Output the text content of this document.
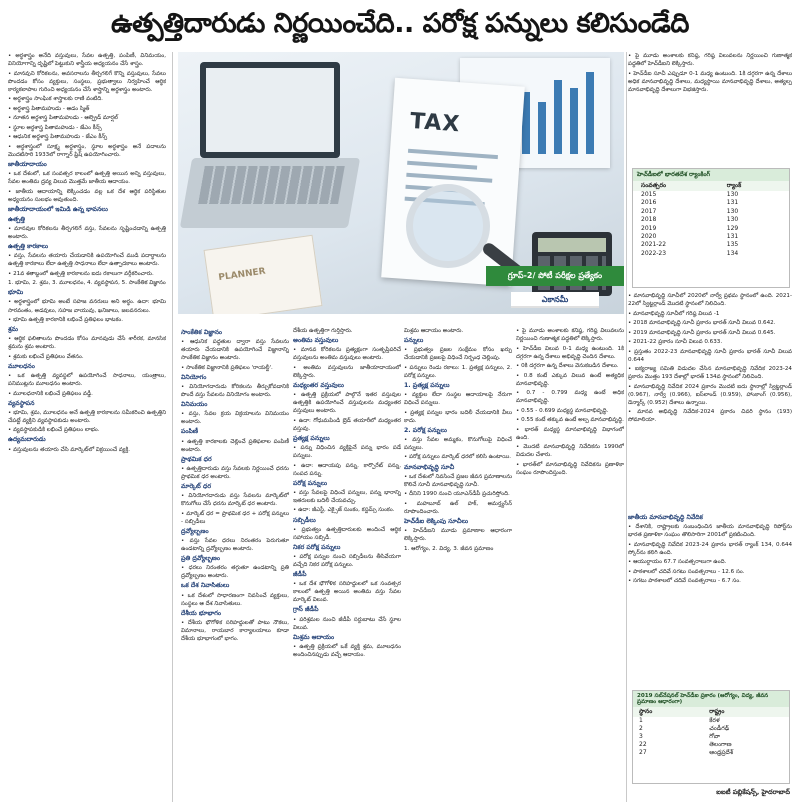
ఉత్పత్తిదారుడు నిర్ణయించేది.. పరోక్ష పన్నులు కలిసుండేది

• అర్థశాస్త్రం అనేది వస్తువులు, సేవల ఉత్పత్తి, పంపిణీ, వినిమయం, వినియోగాన్ని దృష్టిలో పెట్టుకుని శాస్త్రీయ అధ్యయనం చేసే శాస్త్రం.

• మానవుని కోరికలను, అవసరాలను తీర్చగలిగే కొన్ని వస్తువులు, సేవలు పొందడం కోసం వ్యక్తులు, సంస్థలు, ప్రభుత్వాలు నిర్వహించే ఆర్థిక కార్యకలాపాల గురించి అధ్యయనం చేసే శాస్త్రాన్ని అర్థశాస్త్రం అంటారు.

• అర్థశాస్త్రం సాంఘిక శాస్త్రాలకు రాణి వంటిది.

• అర్థశాస్త్ర పితామహుడు - ఆడం స్మిత్

• నూతన అర్థశాస్త్ర పితామహుడు - ఆల్ఫ్రెడ్ మార్షల్

• స్థూల అర్థశాస్త్ర పితామహుడు - జేఎం కీన్స్

• ఆధునిక అర్థశాస్త్ర పితామహుడు - జేఎం కీన్స్

• అర్థశాస్త్రంలో సూక్ష్మ అర్థశాస్త్రం, స్థూల అర్థశాస్త్రం అనే పదాలను మొదటిసారి 1933లో రాగ్నార్ ఫ్రిష్ ఉపయోగించారు.

జాతీయాదాయం

• ఒక దేశంలో, ఒక సంవత్సర కాలంలో ఉత్పత్తి అయిన అన్ని వస్తువులు, సేవల అంతిమ ద్రవ్య విలువ మొత్తమే జాతీయ ఆదాయం.

• జాతీయ ఆదాయాన్ని లెక్కించడం వల్ల ఒక దేశ ఆర్థిక పరిస్థితుల అధ్యయనం సులభం అవుతుంది.

జాతీయాదాయంలో ఇమిడి ఉన్న భావనలు
ఉత్పత్తి

• మానవుల కోరికలను తీర్చగలిగే వస్తు, సేవలను సృష్టించడాన్ని ఉత్పత్తి అంటారు.

ఉత్పత్తి కారకాలు

• వస్తు, సేవలను తయారు చేయడానికి ఉపయోగించే ముడి పదార్థాలను ఉత్పత్తి కారకాలు లేదా ఉత్పత్తి సాధనాలు లేదా ఉత్పాదకాలు అంటారు.

• 21వ శతాబ్దంలో ఉత్పత్తి కారకాలను ఐదు రకాలుగా వర్గీకరించారు.

1. భూమి, 2. శ్రమ, 3. మూలధనం, 4. వ్యవస్థాపన, 5. సాంకేతిక విజ్ఞానం

భూమి

• అర్థశాస్త్రంలో భూమి అంటే సహజ వనరులు అని అర్థం. ఉదా: భూమి సారవంతం, అడవులు, సహజ వాయువు, ఖనిజాలు, జలవనరులు.

• భూమి ఉత్పత్తి కారకానికి లభించే ప్రతిఫలం భాటకం.

శ్రమ

• ఆర్థిక ఫలితాలను పొందడం కోసం మానవుడు చేసే శారీరక, మానసిక శ్రమను శ్రమ అంటారు.

• శ్రమకు లభించే ప్రతిఫలం వేతనం.

మూలధనం

• ఒక ఉత్పత్తి వ్యవస్థలో ఉపయోగించే సాధనాలు, యంత్రాలు, పనిముట్లను మూలధనం అంటారు.

• మూలధనానికి లభించే ప్రతిఫలం వడ్డీ.

వ్యవస్థాపన

• భూమి, శ్రమ, మూలధనం అనే ఉత్పత్తి కారకాలను సమీకరించి ఉత్పత్తిని చేపట్టే వ్యక్తిని వ్యవస్థాపకుడు అంటారు.

• వ్యవస్థాపకుడికి లభించే ప్రతిఫలం లాభం.

ఉద్యమదారుడు

• వస్తువులను తయారు చేసి మార్కెట్‌లో విక్రయించే వ్యక్తి.

PLANNER
TAX
గ్రూప్-2/ పోటీ పరీక్షల ప్రత్యేకం
ఎకానమీ
సాంకేతిక విజ్ఞానం

• ఆధునిక పద్ధతుల ద్వారా వస్తు సేవలను తయారు చేయడానికి ఉపయోగించే విజ్ఞానాన్ని సాంకేతిక విజ్ఞానం అంటారు.

• సాంకేతిక విజ్ఞానానికి ప్రతిఫలం 'రాయల్టీ'.

వినియోగం

• వినియోగదారుడు కోరికలను తీర్చుకోవడానికి పొందే వస్తు సేవలను వినియోగం అంటారు.

వినిమయం

• వస్తు, సేవల క్రయ విక్రయాలను వినిమయం అంటారు.

పంపిణీ

• ఉత్పత్తి కారకాలకు చెల్లించే ప్రతిఫలాల పంపిణీ అంటారు.

ప్రాథమిక ధర

• ఉత్పత్తిదారుడు వస్తు సేవలకు నిర్ణయించే ధరను ప్రాథమిక ధర అంటారు.

మార్కెట్ ధర

• వినియోగదారుడు వస్తు సేవలను మార్కెట్‌లో కొనుగోలు చేసే ధరను మార్కెట్ ధర అంటారు.

• మార్కెట్ ధర = ప్రాథమిక ధర + పరోక్ష పన్నులు - సబ్సిడీలు

ద్రవ్యోల్బణం

• వస్తు సేవల ధరలు నిరంతరం పెరుగుతూ ఉండటాన్ని ద్రవ్యోల్బణం అంటారు.

ప్రతి ద్రవ్యోల్బణం

• ధరలు నిరంతరం తగ్గుతూ ఉండటాన్ని ప్రతి ద్రవ్యోల్బణం అంటారు.

ఒక దేశ నివాసితులు

• ఒక దేశంలో సాధారణంగా నివసించే వ్యక్తులు, సంస్థలు ఆ దేశ నివాసితులు.

దేశీయ భూభాగం

• దేశీయ భౌగోళిక సరిహద్దులతో పాటు నౌకలు, విమానాలు, రాయబార కార్యాలయాలు కూడా దేశీయ భూభాగంలో భాగం.

దేశీయ ఉత్పత్తిగా గుర్తిస్తారు.

అంతిమ వస్తువులు

• మానవ కోరికలను ప్రత్యక్షంగా సంతృప్తిపరిచే వస్తువులను అంతిమ వస్తువులు అంటారు.

• అంతిమ వస్తువులను జాతీయాదాయంలో లెక్కిస్తారు.

మధ్యంతర వస్తువులు

• ఉత్పత్తి ప్రక్రియలో పాల్గొనే ఇతర వస్తువుల ఉత్పత్తికి ఉపయోగించే వస్తువులను మధ్యంతర వస్తువులు అంటారు.

• ఉదా: గోధుమపిండి బ్రెడ్ తయారీలో మధ్యంతర వస్తువు.

ప్రత్యక్ష పన్నులు

• పన్ను విధించిన వ్యక్తిపైనే పన్ను భారం పడే పన్నులు.

• ఉదా: ఆదాయపు పన్ను, కార్పొరేట్ పన్ను, సంపద పన్ను.

పరోక్ష పన్నులు

• వస్తు సేవలపై విధించే పన్నులు, పన్ను భారాన్ని ఇతరులకు బదిలీ చేయవచ్చు.

• ఉదా: జీఎస్టీ, ఎక్సైజ్ సుంకం, కస్టమ్స్ సుంకం.

సబ్సిడీలు

• ప్రభుత్వం ఉత్పత్తిదారులకు అందించే ఆర్థిక సహాయం సబ్సిడీ.

నికర పరోక్ష పన్నులు

• పరోక్ష పన్నుల నుంచి సబ్సిడీలను తీసివేయగా వచ్చేది నికర పరోక్ష పన్నులు.

జీడీపీ

• ఒక దేశ భౌగోళిక సరిహద్దులలో ఒక సంవత్సర కాలంలో ఉత్పత్తి అయిన అంతిమ వస్తు సేవల మార్కెట్ విలువ.

గ్రాస్ జీడీపీ

• పరిశ్రమల నుంచి జీడీపీ సర్దుబాటు చేసే స్థూల విలువ.

మిశ్రమ ఆదాయం

• ఉత్పత్తి ప్రక్రియలో ఒకే వ్యక్తి శ్రమ, మూలధనం అందించినప్పుడు వచ్చే ఆదాయం.

మిశ్రమ ఆదాయం అంటారు.

పన్నులు

• ప్రభుత్వం ప్రజల సంక్షేమం కోసం ఖర్చు చేయడానికి ప్రజలపై విధించే నిర్బంధ చెల్లింపు.

• పన్నులు రెండు రకాలు: 1. ప్రత్యక్ష పన్నులు, 2. పరోక్ష పన్నులు.

1. ప్రత్యక్ష పన్నులు

• వ్యక్తుల లేదా సంస్థల ఆదాయాలపై నేరుగా విధించే పన్నులు.

• ప్రత్యక్ష పన్నుల భారం బదిలీ చేయడానికి వీలు కాదు.

2. పరోక్ష పన్నులు

• వస్తు సేవల అమ్మకం, కొనుగోలుపై విధించే పన్నులు.

• పరోక్ష పన్నులు మార్కెట్ ధరలో కలిసి ఉంటాయి.

మానవాభివృద్ధి సూచీ

• ఒక దేశంలో నివసించే ప్రజల జీవన ప్రమాణాలను కొలిచే సూచీ మానవాభివృద్ధి సూచీ.

• దీనిని 1990 నుంచి యూఎన్‌డీపీ ప్రచురిస్తోంది.

• మహబూబ్ ఉల్ హక్, అమర్త్యసేన్ రూపొందించారు.

హెచ్‌డీఐ లెక్కింపు సూచీలు

• హెచ్‌డీఐని మూడు ప్రమాణాల ఆధారంగా లెక్కిస్తారు.

1. ఆరోగ్యం, 2. విద్య, 3. జీవన ప్రమాణం

• పై మూడు అంశాలకు కనిష్ఠ, గరిష్ఠ విలువలను నిర్ణయించి గుణాత్మక పద్ధతిలో లెక్కిస్తారు.

• హెచ్‌డీఐ విలువ 0-1 మధ్య ఉంటుంది. 1కి దగ్గరగా ఉన్న దేశాలు అభివృద్ధి చెందిన దేశాలు.

• 0కి దగ్గరగా ఉన్న దేశాలు వెనుకబడిన దేశాలు.

• 0.8 కంటే ఎక్కువ విలువ ఉంటే అత్యధిక మానవాభివృద్ధి.

• 0.7 - 0.799 మధ్య ఉంటే అధిక మానవాభివృద్ధి.

• 0.55 - 0.699 మధ్యస్థ మానవాభివృద్ధి.

• 0.55 కంటే తక్కువ ఉంటే అల్ప మానవాభివృద్ధి.

• భారత్ మధ్యస్థ మానవాభివృద్ధి విభాగంలో ఉంది.

• మొదటి మానవాభివృద్ధి నివేదికను 1990లో విడుదల చేశారు.

• భారత్‌లో మానవాభివృద్ధి నివేదికను ప్రణాళికా సంఘం రూపొందిస్తుంది.

• పై మూడు అంశాలకు కనిష్ఠ, గరిష్ఠ విలువలను నిర్ణయించి గుణాత్మక పద్ధతిలో హెచ్‌డీఐని లెక్కిస్తారు.

• హెచ్‌డీఐ సూచీ ఎప్పుడూ 0-1 మధ్య ఉంటుంది. 1కి దగ్గరగా ఉన్న దేశాలు అధిక మానవాభివృద్ధి దేశాలు, మధ్యస్థాయి మానవాభివృద్ధి దేశాలు, అత్యల్ప మానవాభివృద్ధి దేశాలుగా విభజిస్తారు.

హెచ్‌డీఐలో భారతదేశ ర్యాంకింగ్
సంవత్సరం	ర్యాంక్
2015	130
2016	131
2017	130
2018	130
2019	129
2020	131
2021-22	135
2022-23	134

• మానవాభివృద్ధి సూచీలో 2020లో నార్వే ప్రథమ స్థానంలో ఉంది. 2021-22లో స్విట్జర్లాండ్ మొదటి స్థానంలో నిలిచింది.

• మానవాభివృద్ధి సూచీలో గరిష్ఠ విలువ -1

• 2018 మానవాభివృద్ధి సూచీ ప్రకారం భారత్ సూచీ విలువ 0.642.

• 2019 మానవాభివృద్ధి సూచీ ప్రకారం భారత్ సూచీ విలువ 0.645.

• 2021-22 ప్రకారం సూచీ విలువ 0.633.

• ప్రస్తుతం 2022-23 మానవాభివృద్ధి సూచీ ప్రకారం భారత్ సూచీ విలువ 0.644

• ఐక్యరాజ్య సమితి విడుదల చేసిన మానవాభివృద్ధి నివేదిక 2023-24 ప్రకారం మొత్తం 193 దేశాల్లో భారత్ 134వ స్థానంలో నిలిచింది.

• మానవాభివృద్ధి నివేదిక 2024 ప్రకారం మొదటి ఐదు స్థానాల్లో స్విట్జర్లాండ్ (0.967), నార్వే (0.966), ఐస్‌లాండ్ (0.959), హాంకాంగ్ (0.956), డెన్మార్క్ (0.952) దేశాలు ఉన్నాయి.

• మానవ అభివృద్ధి నివేదిక-2024 ప్రకారం చివరి స్థానం (193) సోమాలియా.

జాతీయ మానవాభివృద్ధి నివేదిక

• దేశానికి, రాష్ట్రాలకు సంబంధించిన జాతీయ మానవాభివృద్ధి రిపోర్ట్‌ను భారత ప్రణాళికా సంఘం తొలిసారిగా 2001లో ప్రకటించింది.

• మానవాభివృద్ధి నివేదిక 2023-24 ప్రకారం భారత్ ర్యాంక్ 134, 0.644 స్కోర్‌ను కలిగి ఉంది.

• ఆయుర్దాయం 67.7 సంవత్సరాలుగా ఉంది.

• పాఠశాలలో చదివే సగటు సంవత్సరాలు - 12.6 సం.

• సగటు పాఠశాలలో చదివే సంవత్సరాలు - 6.7 సం.

2019 సబ్‌నేషనల్ హెచ్‌డీఐ ప్రకారం (ఆరోగ్యం, విద్య, జీవన ప్రమాణం ఆధారంగా)
స్థానం	రాష్ట్రం
1	కేరళ
2	చండీగఢ్
3	గోవా
22	తెలంగాణ
27	ఆంధ్రప్రదేశ్
ఐఐటీ పబ్లికేషన్స్, హైదరాబాద్
